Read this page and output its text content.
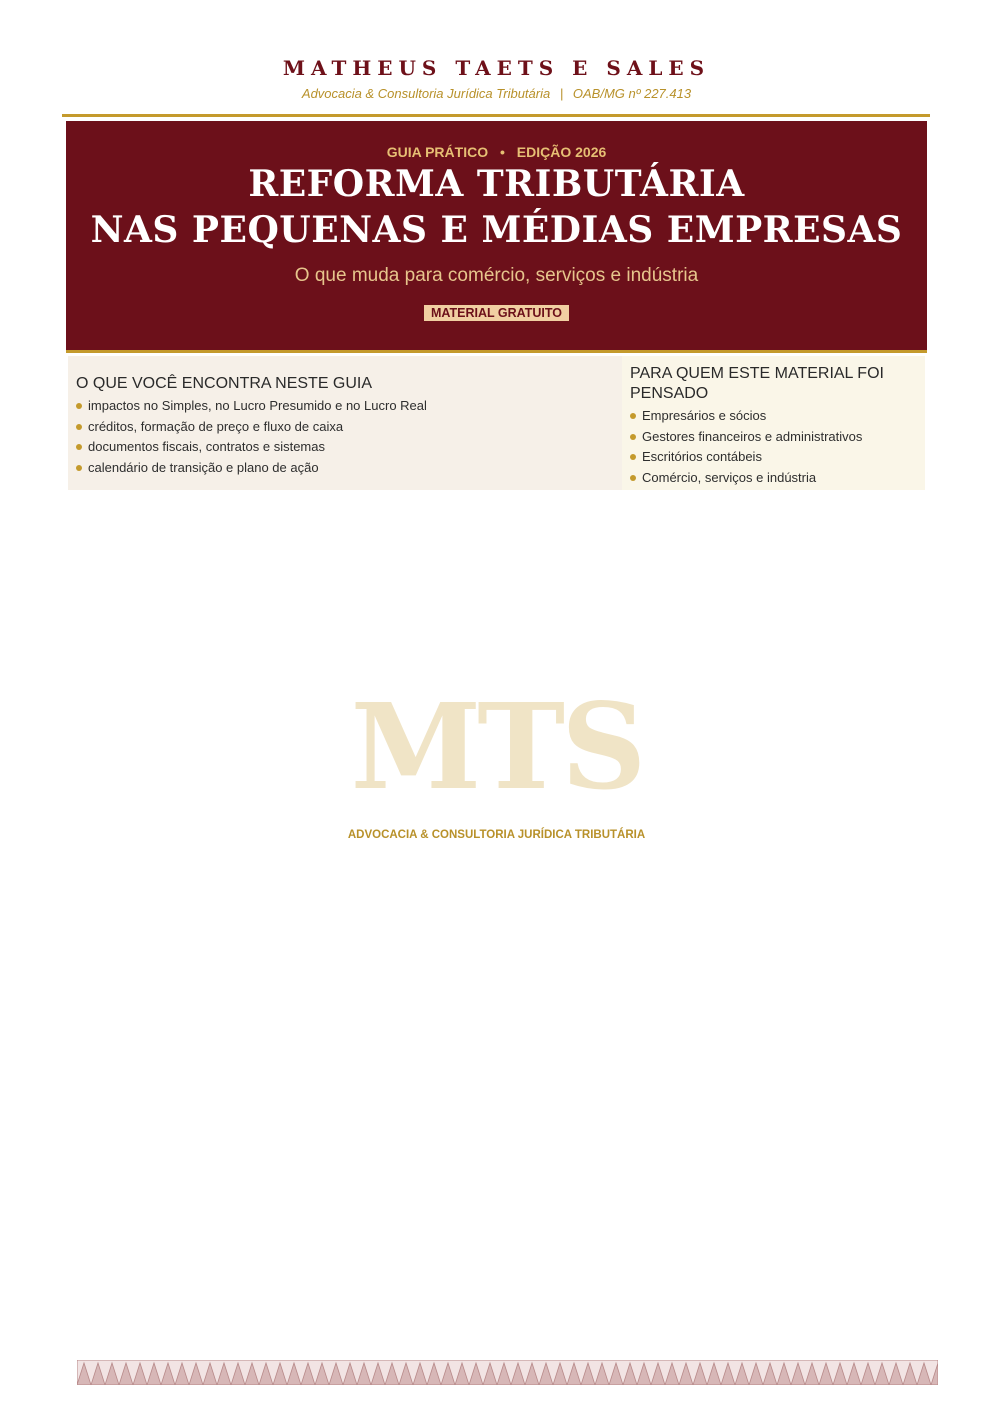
MATHEUS TAETS E SALES
Advocacia & Consultoria Jurídica Tributária | OAB/MG nº 227.413
GUIA PRÁTICO • EDIÇÃO 2026
REFORMA TRIBUTÁRIA
NAS PEQUENAS E MÉDIAS EMPRESAS
O que muda para comércio, serviços e indústria
MATERIAL GRATUITO
O QUE VOCÊ ENCONTRA NESTE GUIA
impactos no Simples, no Lucro Presumido e no Lucro Real
créditos, formação de preço e fluxo de caixa
documentos fiscais, contratos e sistemas
calendário de transição e plano de ação
PARA QUEM ESTE MATERIAL FOI PENSADO
Empresários e sócios
Gestores financeiros e administrativos
Escritórios contábeis
Comércio, serviços e indústria
MTS
ADVOCACIA & CONSULTORIA JURÍDICA TRIBUTÁRIA
